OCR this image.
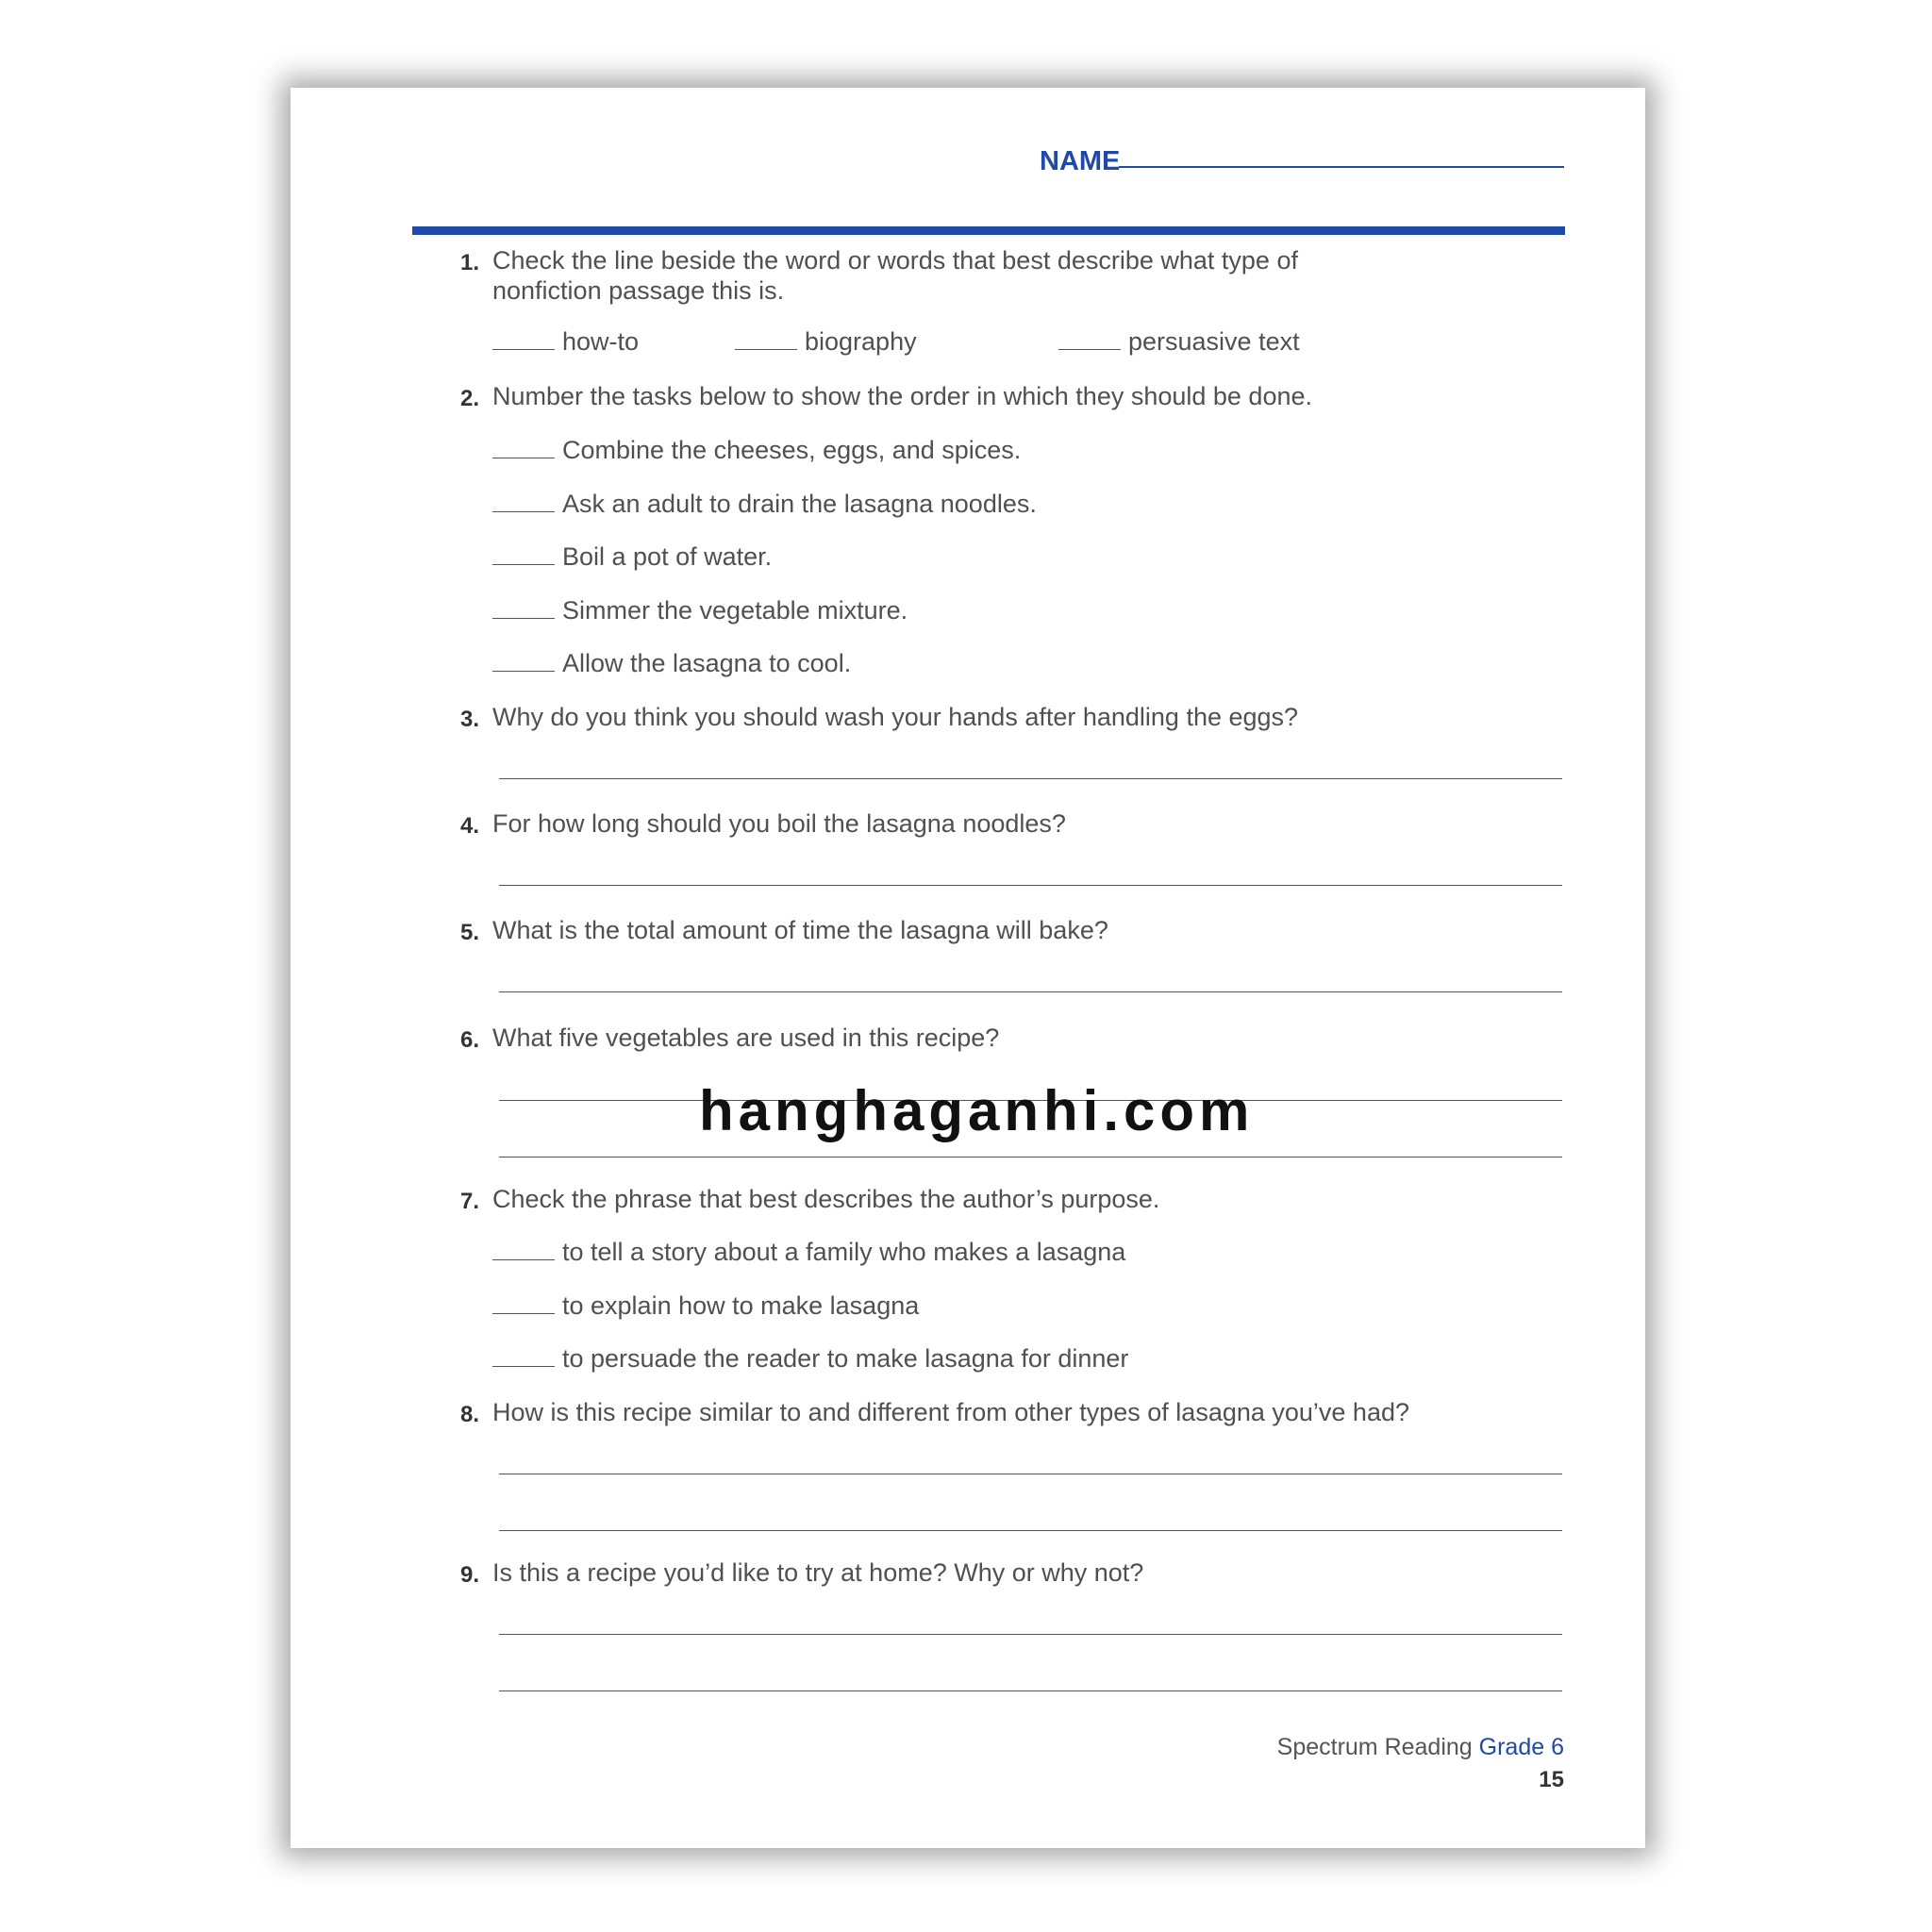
NAME
1. Check the line beside the word or words that best describe what type of
nonfiction passage this is.
how-to	biography	persuasive text
2. Number the tasks below to show the order in which they should be done.
Combine the cheeses, eggs, and spices.
Ask an adult to drain the lasagna noodles.
Boil a pot of water.
Simmer the vegetable mixture.
Allow the lasagna to cool.
3. Why do you think you should wash your hands after handling the eggs?
4. For how long should you boil the lasagna noodles?
5. What is the total amount of time the lasagna will bake?
6. What five vegetables are used in this recipe?
7. Check the phrase that best describes the author’s purpose.
to tell a story about a family who makes a lasagna
to explain how to make lasagna
to persuade the reader to make lasagna for dinner
8. How is this recipe similar to and different from other types of lasagna you’ve had?
9. Is this a recipe you’d like to try at home? Why or why not?
Spectrum Reading Grade 6
15
hanghaganhi.com
